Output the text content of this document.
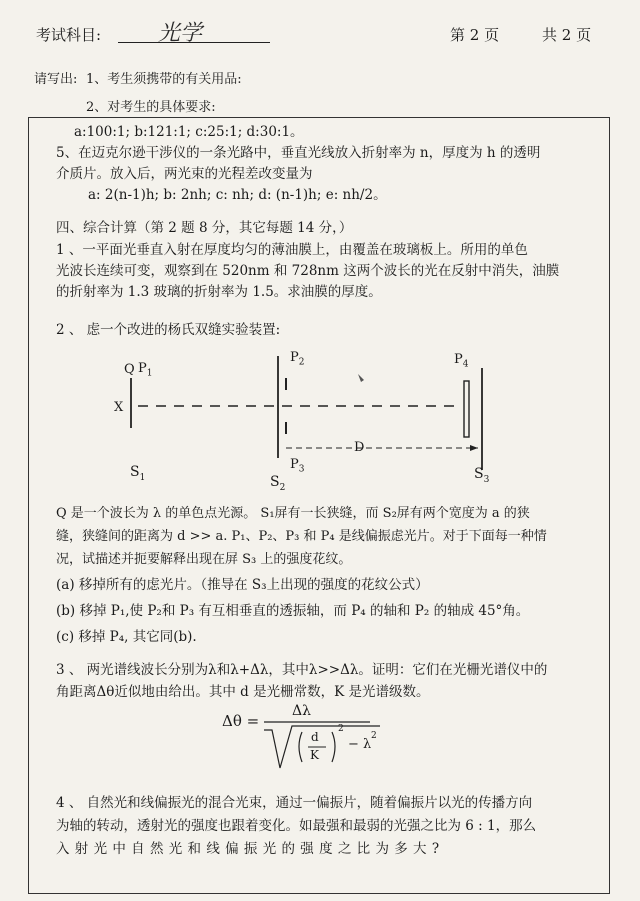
考试科目:	光学	第 2 页	共 2 页
请写出: 1、考生须携带的有关用品:
2、对考生的具体要求:
a:100:1; b:121:1; c:25:1; d:30:1。
5、在迈克尔逊干涉仪的一条光路中，垂直光线放入折射率为 n，厚度为 h 的透明
介质片。放入后，两光束的光程差改变量为
a: 2(n-1)h; b: 2nh; c: nh; d: (n-1)h; e: nh/2。
四、综合计算（第 2 题 8 分，其它每题 14 分，）
1 、一平面光垂直入射在厚度均匀的薄油膜上，由覆盖在玻璃板上。所用的单色
光波长连续可变，观察到在 520nm 和 728nm 这两个波长的光在反射中消失，油膜
的折射率为 1.3 玻璃的折射率为 1.5。求油膜的厚度。
2 、 虑一个改进的杨氏双缝实验装置:
Q $P_1$
X
$P_2$
$P_3$
$P_4$
D
$S_1$	$S_2$
$S_3$
Q 是一个波长为 λ 的单色点光源。 S₁屏有一长狭缝，而 S₂屏有两个宽度为 a 的狭
缝，狭缝间的距离为 d >> a. P₁、P₂、P₃ 和 P₄ 是线偏振虑光片。对于下面每一种情
况，试描述并扼要解释出现在屏 S₃ 上的强度花纹。
(a) 移掉所有的虑光片。（推导在 S₃上出现的强度的花纹公式）
(b) 移掉 P₁,使 P₂和 P₃ 有互相垂直的透振轴，而 P₄ 的轴和 P₂ 的轴成 45°角。
(c) 移掉 P₄, 其它同(b).
3 、 两光谱线波长分别为λ和λ+Δλ，其中λ>>Δλ。证明：它们在光栅光谱仪中的
角距离Δθ近似地由给出。其中 d 是光栅常数，K 是光谱级数。
Δθ =
Δλ
d
K
2
− λ
2
4 、 自然光和线偏振光的混合光束，通过一偏振片，随着偏振片以光的传播方向
为轴的转动，透射光的强度也跟着变化。如最强和最弱的光强之比为 6 : 1，那么
入 射 光 中 自 然 光 和 线 偏 振 光 的 强 度 之 比 为 多 大 ?
